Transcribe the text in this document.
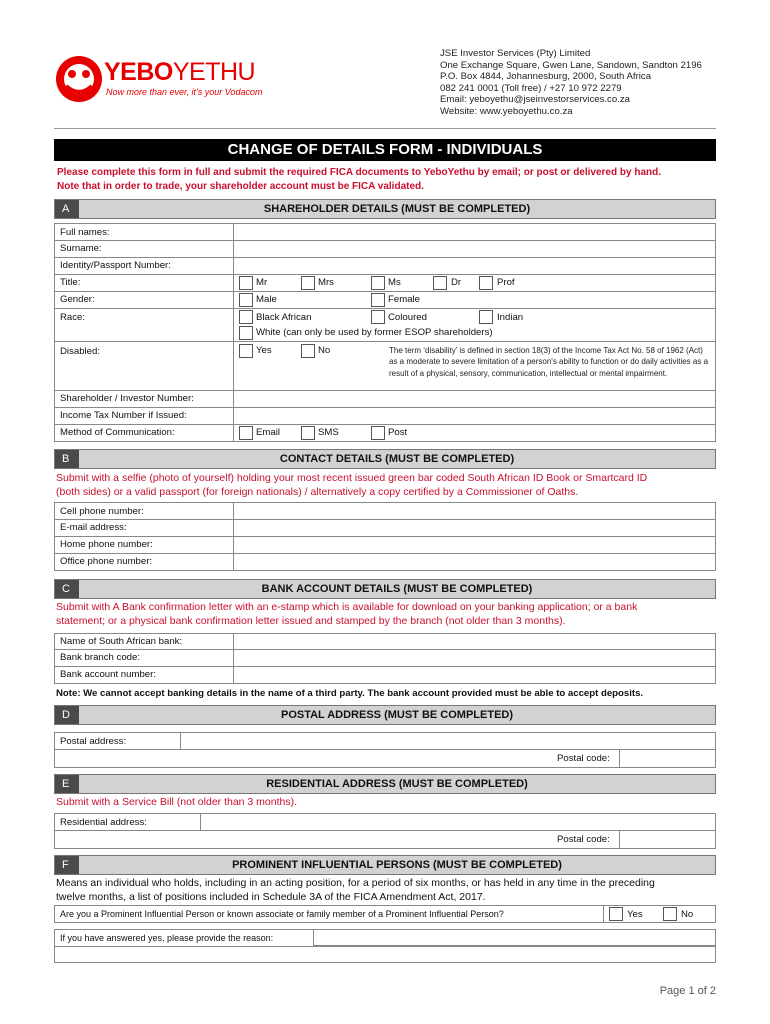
YEBOYETHU
Now more than ever, it's your Vodacom
JSE Investor Services (Pty) Limited
One Exchange Square, Gwen Lane, Sandown, Sandton 2196
P.O. Box 4844, Johannesburg, 2000, South Africa
082 241 0001 (Toll free) / +27 10 972 2279
Email: yeboyethu@jseinvestorservices.co.za
Website: www.yeboyethu.co.za
CHANGE OF DETAILS FORM - INDIVIDUALS
Please complete this form in full and submit the required FICA documents to YeboYethu by email; or post or delivered by hand.
Note that in order to trade, your shareholder account must be FICA validated.
A	SHAREHOLDER DETAILS (MUST BE COMPLETED)
Full names:
Surname:
Identity/Passport Number:
Title:	Mr	Mrs	Ms	Dr	Prof
Gender:	Male	Female
Race:	Black African	Coloured	Indian
White (can only be used by former ESOP shareholders)
Disabled:	Yes	No	The term ‘disability’ is defined in section 18(3) of the Income Tax Act No. 58 of 1962 (Act) as a moderate to severe limitation of a person's ability to function or do daily activities as a result of a physical, sensory, communication, intellectual or mental impairment.
Shareholder / Investor Number:
Income Tax Number if Issued:
Method of Communication:	Email	SMS	Post
B	CONTACT DETAILS (MUST BE COMPLETED)
Submit with a selfie (photo of yourself) holding your most recent issued green bar coded South African ID Book or Smartcard ID
(both sides) or a valid passport (for foreign nationals) / alternatively a copy certified by a Commissioner of Oaths.
Cell phone number:
E-mail address:
Home phone number:
Office phone number:
C	BANK ACCOUNT DETAILS (MUST BE COMPLETED)
Submit with A Bank confirmation letter with an e-stamp which is available for download on your banking application; or a bank
statement; or a physical bank confirmation letter issued and stamped by the branch (not older than 3 months).
Name of South African bank:
Bank branch code:
Bank account number:
Note: We cannot accept banking details in the name of a third party. The bank account provided must be able to accept deposits.
D	POSTAL ADDRESS (MUST BE COMPLETED)
Postal address:
Postal code:
E	RESIDENTIAL ADDRESS (MUST BE COMPLETED)
Submit with a Service Bill (not older than 3 months).
Residential address:
Postal code:
F	PROMINENT INFLUENTIAL PERSONS (MUST BE COMPLETED)
Means an individual who holds, including in an acting position, for a period of six months, or has held in any time in the preceding
twelve months, a list of positions included in Schedule 3A of the FICA Amendment Act, 2017.
Are you a Prominent Influential Person or known associate or family member of a Prominent Influential Person?	Yes	No
If you have answered yes, please provide the reason:
Page 1 of 2
